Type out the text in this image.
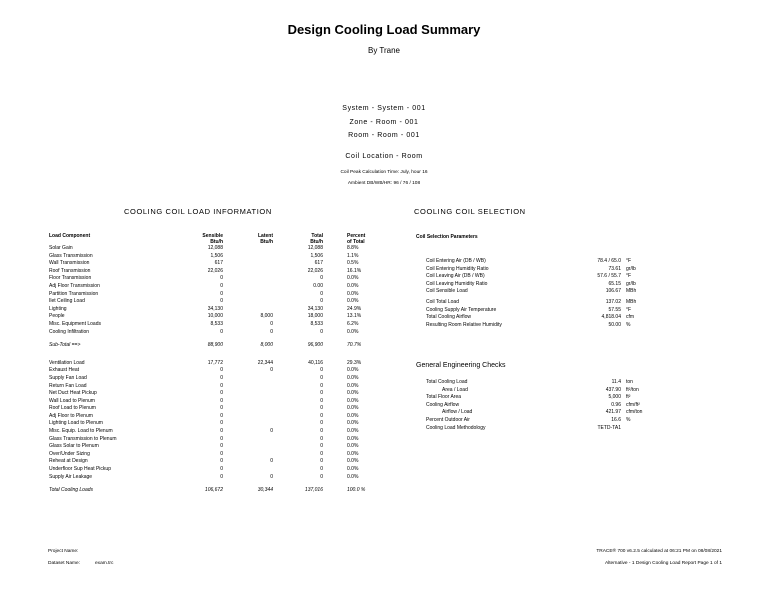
Design Cooling Load Summary
By Trane
System - System - 001
Zone - Room - 001
Room - Room - 001
Coil Location - Room
Coil Peak Calculation Time: July, hour 16
Ambient DB/WB/HR: 96 / 76 / 108
COOLING COIL LOAD INFORMATION
Load Component	Sensible	Latent	Total	Percent
	Btu/h	Btu/h	Btu/h	of Total
Solar Gain	12,088		12,088	8.8%
Glass Transmission	1,506		1,506	1.1%
Wall Transmission	617		617	0.5%
Roof Transmission	22,026		22,026	16.1%
Floor Transmission	0		0	0.0%
Adj Floor Transmission	0		0.00	0.0%
Partition Transmission	0		0	0.0%
Ilet Ceiling Load	0		0	0.0%
Lighting	34,130		34,130	24.9%
People	10,000	8,000	18,000	13.1%
Misc. Equipment Loads	8,533	0	8,533	6.2%
Cooling Infiltration	0	0	0	0.0%

Sub-Total ==>	88,900	8,000	96,900	70.7%

Ventilation Load	17,772	22,344	40,116	29.3%
Exhaust Heat	0	0	0	0.0%
Supply Fan Load	0		0	0.0%
Return Fan Load	0		0	0.0%
Net Duct Heat Pickup	0		0	0.0%
Wall Load to Plenum	0		0	0.0%
Roof Load to Plenum	0		0	0.0%
Adj Floor to Plenum	0		0	0.0%
Lighting Load to Plenum	0		0	0.0%
Misc. Equip. Load to Plenum	0	0	0	0.0%
Glass Transmission to Plenum	0		0	0.0%
Glass Solar to Plenum	0		0	0.0%
Over/Under Sizing	0		0	0.0%
Reheat at Design	0	0	0	0.0%
Underfloor Sup Heat Pickup	0		0	0.0%
Supply Air Leakage	0	0	0	0.0%

Total Cooling Loads	106,672	30,344	137,016	100.0 %
COOLING COIL SELECTION
Coil Selection Parameters
Coil Entering Air (DB / WB)	78.4 / 65.0	°F
Coil Entering Humidity Ratio	73.61	gr/lb
Coil Leaving Air (DB / WB)	57.6 / 55.7	°F
Coil Leaving Humidity Ratio	65.15	gr/lb
Coil Sensible Load	106.67	MBh

Coil Total Load	137.02	MBh
Cooling Supply Air Temperature	57.55	°F
Total Cooling Airflow	4,818.04	cfm
Resulting Room Relative Humidity	50.00	%
General Engineering Checks
Total Cooling Load	11.4	ton
Area / Load	437.90	ft²/ton
Total Floor Area	5,000	ft²
Cooling Airflow	0.96	cfm/ft²
Airflow / Load	421.97	cfm/ton
Percent Outdoor Air	16.6	%
Cooling Load Methodology	TETD-TA1	
Project Name:
Dataset Name:	exam.trc
TRACE® 700 v6.2.5 calculated at 06:21 PM on 08/08/2021
Alternative - 1 Design Cooling Load Report Page 1 of 1
